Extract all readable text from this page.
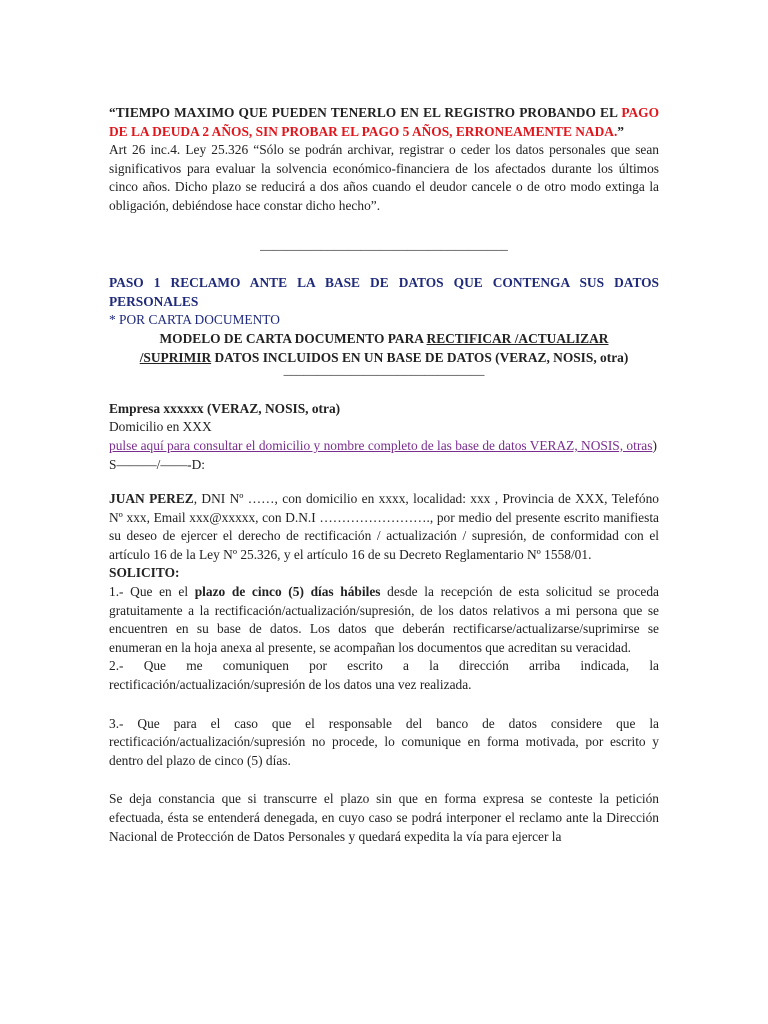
“TIEMPO MAXIMO QUE PUEDEN TENERLO EN EL REGISTRO PROBANDO EL PAGO DE LA DEUDA 2 AÑOS, SIN PROBAR EL PAGO 5 AÑOS, ERRONEAMENTE NADA.”

Art 26 inc.4. Ley 25.326 “Sólo se podrán archivar, registrar o ceder los datos personales que sean significativos para evaluar la solvencia económico-financiera de los afectados durante los últimos cinco años. Dicho plazo se reducirá a dos años cuando el deudor cancele o de otro modo extinga la obligación, debiéndose hace constar dicho hecho”.

_____________________________________

PASO 1 RECLAMO ANTE LA BASE DE DATOS QUE CONTENGA SUS DATOS PERSONALES

* POR CARTA DOCUMENTO

MODELO DE CARTA DOCUMENTO PARA RECTIFICAR /ACTUALIZAR
/SUPRIMIR DATOS INCLUIDOS EN UN BASE DE DATOS (VERAZ, NOSIS, otra)

______________________________

Empresa xxxxxx (VERAZ, NOSIS, otra)

Domicilio en XXX

pulse aquí para consultar el domicilio y nombre completo de las base de datos VERAZ, NOSIS, otras)

S———/——-D:

JUAN PEREZ, DNI Nº ……, con domicilio en xxxx, localidad: xxx , Provincia de XXX, Telefóno Nº xxx, Email xxx@xxxxx, con D.N.I ……………………., por medio del presente escrito manifiesta su deseo de ejercer el derecho de rectificación / actualización / supresión, de conformidad con el artículo 16 de la Ley Nº 25.326, y el artículo 16 de su Decreto Reglamentario Nº 1558/01.

SOLICITO:

1.- Que en el plazo de cinco (5) días hábiles desde la recepción de esta solicitud se proceda gratuitamente a la rectificación/actualización/supresión, de los datos relativos a mi persona que se encuentren en su base de datos. Los datos que deberán rectificarse/actualizarse/suprimirse se enumeran en la hoja anexa al presente, se acompañan los documentos que acreditan su veracidad.

2.- Que me comuniquen por escrito a la dirección arriba indicada, la rectificación/actualización/supresión de los datos una vez realizada.

3.- Que para el caso que el responsable del banco de datos considere que la rectificación/actualización/supresión no procede, lo comunique en forma motivada, por escrito y dentro del plazo de cinco (5) días.

Se deja constancia que si transcurre el plazo sin que en forma expresa se conteste la petición efectuada, ésta se entenderá denegada, en cuyo caso se podrá interponer el reclamo ante la Dirección Nacional de Protección de Datos Personales y quedará expedita la vía para ejercer la
